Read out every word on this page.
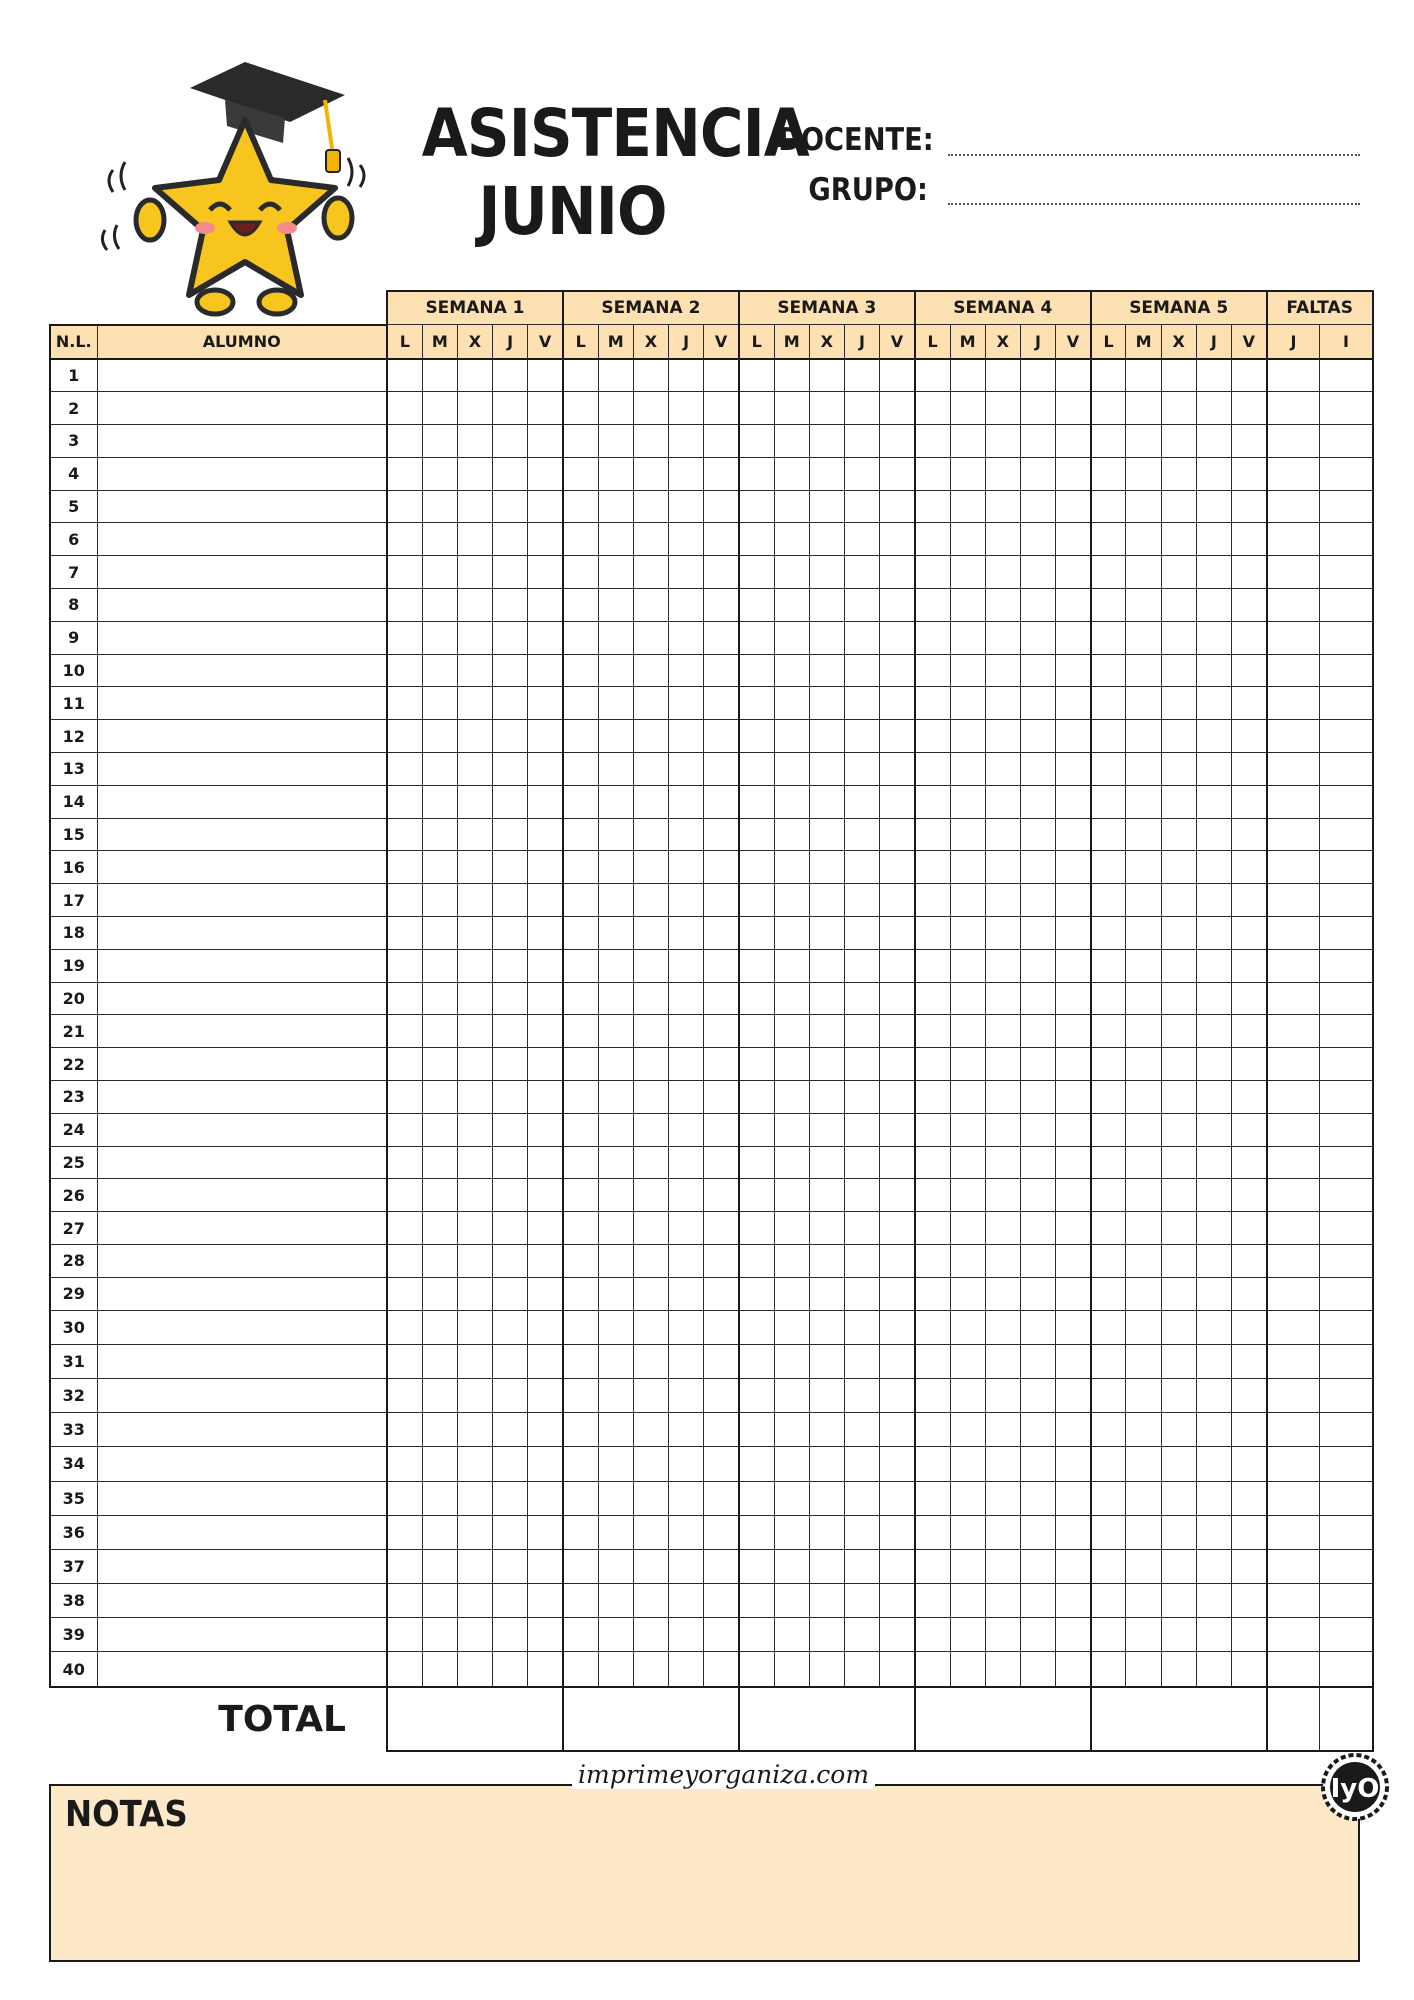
ASISTENCIA
JUNIO
DOCENTE:
GRUPO:
		SEMANA 1					SEMANA 2					SEMANA 3					SEMANA 4					SEMANA 5					FALTAS	
N.L.	ALUMNO	L	M	X	J	V	L	M	X	J	V	L	M	X	J	V	L	M	X	J	V	L	M	X	J	V	J	I
1																												
2																												
3																												
4																												
5																												
6																												
7																												
8																												
9																												
10																												
11																												
12																												
13																												
14																												
15																												
16																												
17																												
18																												
19																												
20																												
21																												
22																												
23																												
24																												
25																												
26																												
27																												
28																												
29																												
30																												
31																												
32																												
33																												
34																												
35																												
36																												
37																												
38																												
39																												
40																												
TOTAL																												
NOTAS
imprimeyorganiza.com	IyO
